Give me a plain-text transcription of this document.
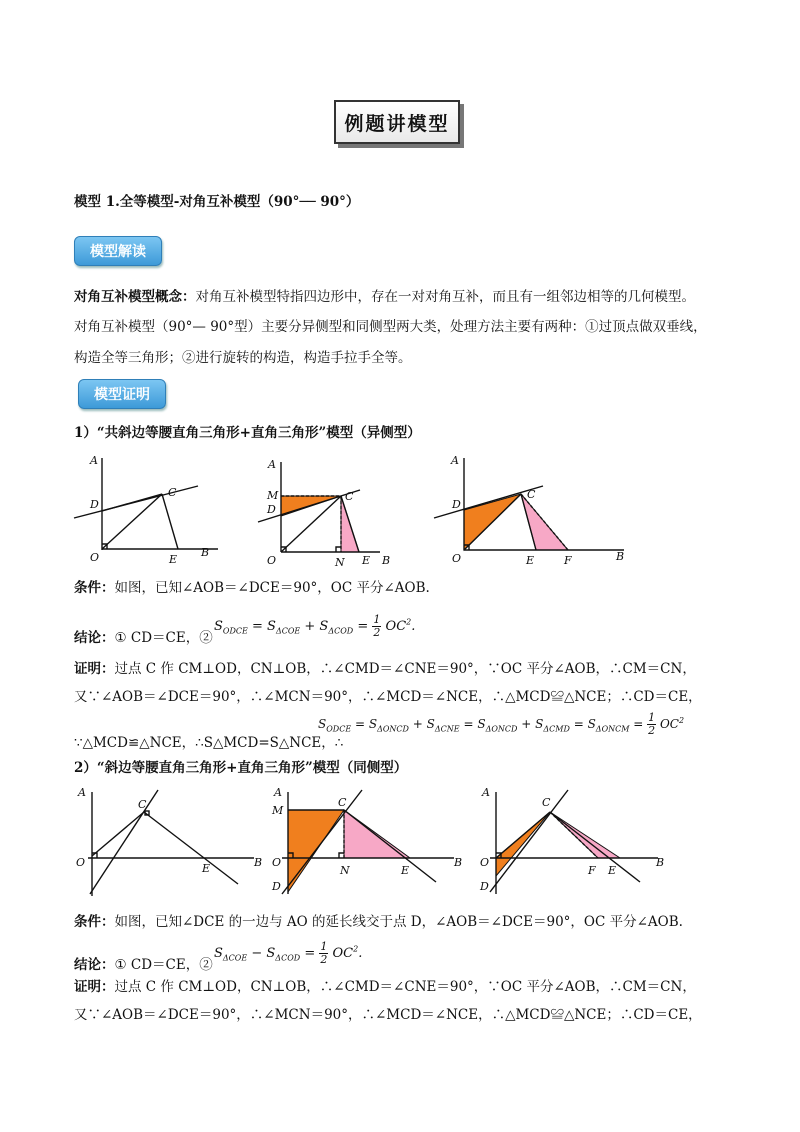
例题讲模型
模型 1.全等模型-对角互补模型（90°── 90°）
模型解读
对角互补模型概念：对角互补模型特指四边形中，存在一对对角互补，而且有一组邻边相等的几何模型。
对角互补模型（90°— 90°型）主要分异侧型和同侧型两大类，处理方法主要有两种：①过顶点做双垂线，
构造全等三角形；②进行旋转的构造，构造手拉手全等。
模型证明
1）“共斜边等腰直角三角形+直角三角形”模型（异侧型）
A
D
C
O	E
B
A
M
D
C
O	N E B
A
D
C
O	E	F	B
条件：如图，已知∠AOB＝∠DCE＝90°，OC 平分∠AOB.
结论：① CD＝CE，②
$S_{ODCE} = S_{\Delta COE} + S_{\Delta COD} = \frac{1}{2} OC^2$.
证明：过点 C 作 CM⊥OD，CN⊥OB，∴∠CMD＝∠CNE＝90°，∵OC 平分∠AOB，∴CM＝CN，
又∵∠AOB＝∠DCE＝90°，∴∠MCN＝90°，∴∠MCD＝∠NCE，∴△MCD≌△NCE；∴CD＝CE，
∵△MCD≌△NCE，∴S△MCD=S△NCE，∴
$S_{ODCE} = S_{\Delta ONCD} + S_{\Delta CNE} = S_{\Delta ONCD} + S_{\Delta CMD} = S_{\Delta ONCM} = \frac{1}{2} OC^2$
2）“斜边等腰直角三角形+直角三角形”模型（同侧型）
A
C
O	E	B
A
M
C
O
N	E
B
D
A
C
O
F E
B
D
条件：如图，已知∠DCE 的一边与 AO 的延长线交于点 D，∠AOB＝∠DCE＝90°，OC 平分∠AOB.
结论：① CD＝CE，②
$S_{\Delta COE} - S_{\Delta COD} = \frac{1}{2} OC^2$.
证明：过点 C 作 CM⊥OD，CN⊥OB，∴∠CMD＝∠CNE＝90°，∵OC 平分∠AOB，∴CM＝CN，
又∵∠AOB＝∠DCE＝90°，∴∠MCN＝90°，∴∠MCD＝∠NCE，∴△MCD≌△NCE；∴CD＝CE，
